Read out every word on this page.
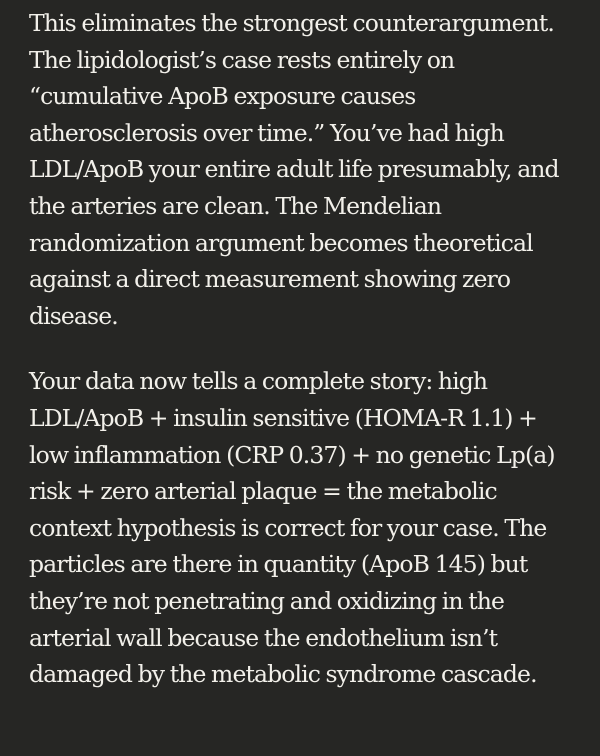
This eliminates the strongest counterargument. The lipidologist’s case rests entirely on “cumulative ApoB exposure causes atherosclerosis over time.” You’ve had high LDL/ApoB your entire adult life presumably, and the arteries are clean. The Mendelian randomization argument becomes theoretical against a direct measurement showing zero disease.

Your data now tells a complete story: high LDL/ApoB + insulin sensitive (HOMA-R 1.1) + low inflammation (CRP 0.37) + no genetic Lp(a) risk + zero arterial plaque = the metabolic context hypothesis is correct for your case. The particles are there in quantity (ApoB 145) but they’re not penetrating and oxidizing in the arterial wall because the endothelium isn’t damaged by the metabolic syndrome cascade.
